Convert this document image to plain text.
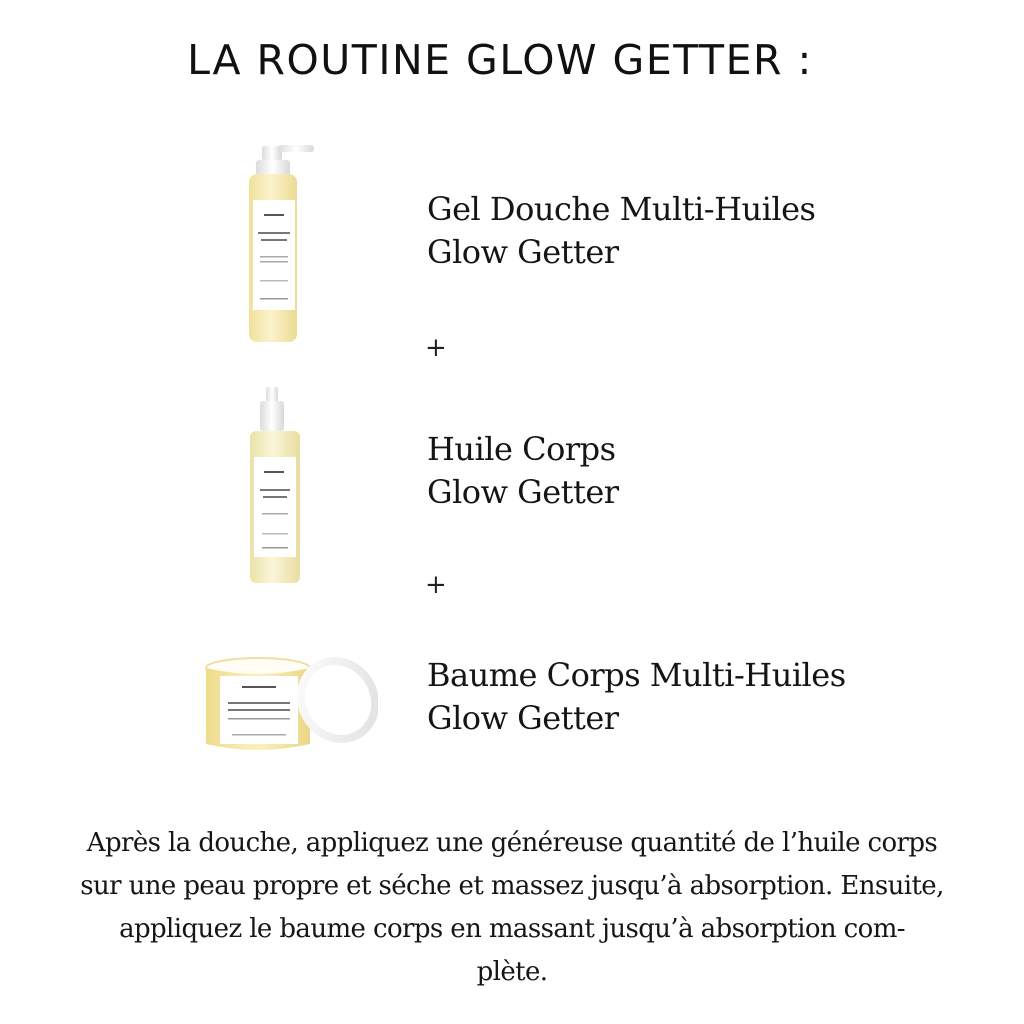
LA ROUTINE GLOW GETTER :
Gel Douche Multi-Huiles
Glow Getter
+
Huile Corps
Glow Getter
+
Baume Corps Multi-Huiles
Glow Getter
Après la douche, appliquez une généreuse quantité de l’huile corps
sur une peau propre et séche et massez jusqu’à absorption. Ensuite,
appliquez le baume corps en massant jusqu’à absorption com-
plète.
